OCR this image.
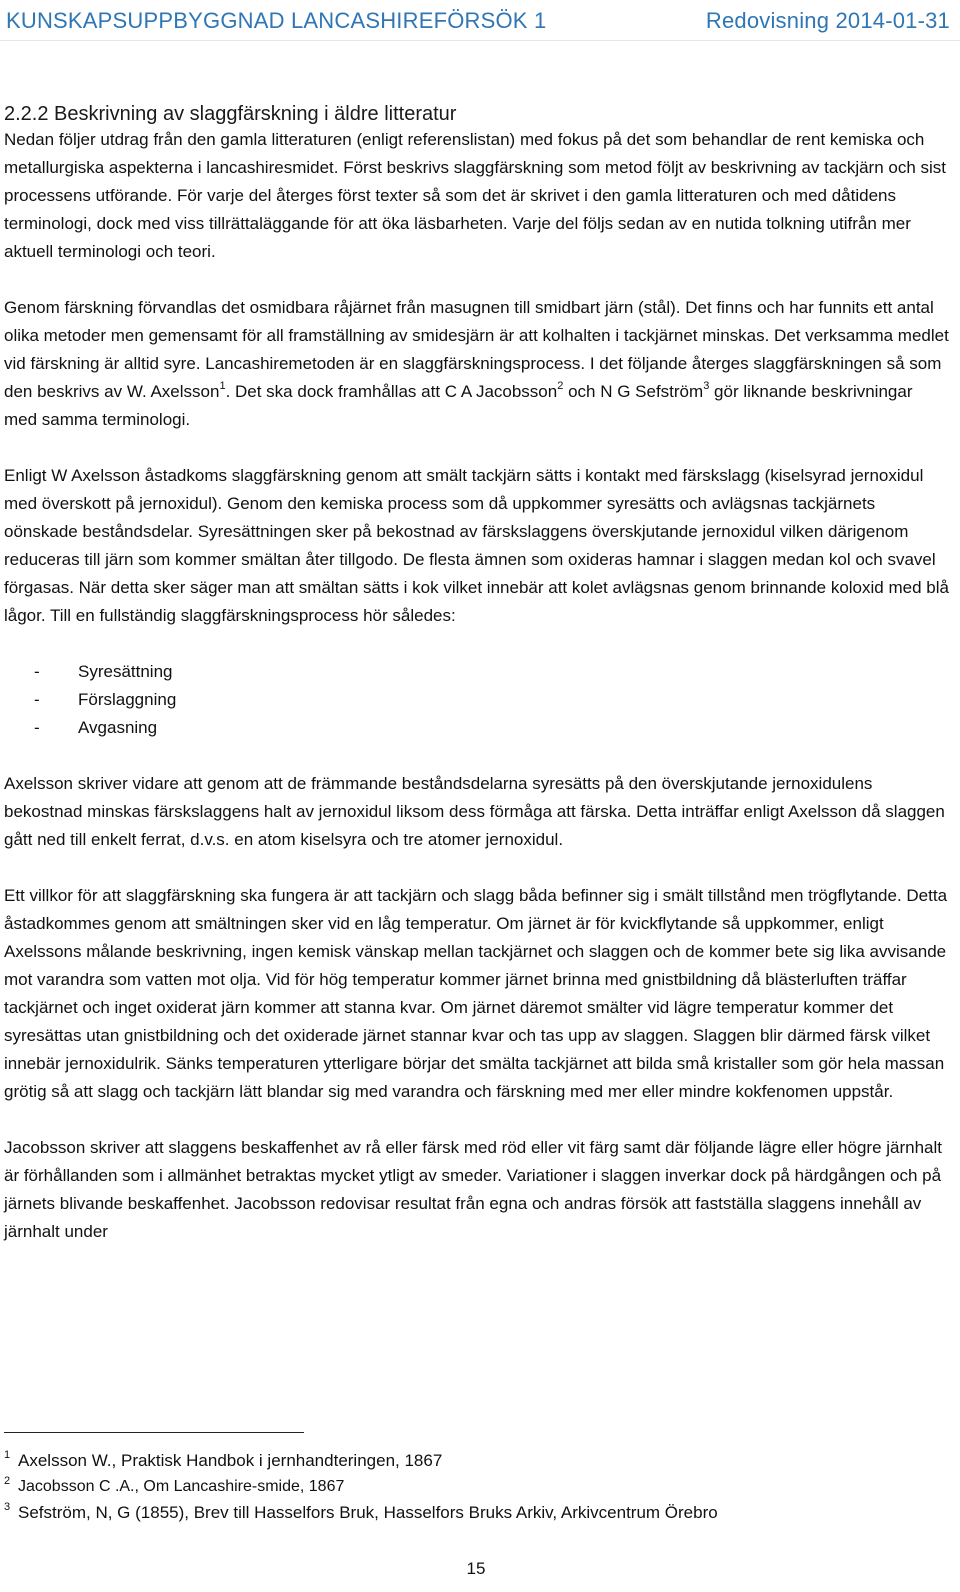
KUNSKAPSUPPBYGGNAD LANCASHIREFÖRSÖK 1	Redovisning 2014-01-31
2.2.2 Beskrivning av slaggfärskning i äldre litteratur

Nedan följer utdrag från den gamla litteraturen (enligt referenslistan) med fokus på det som behandlar de rent kemiska och metallurgiska aspekterna i lancashiresmidet. Först beskrivs slaggfärskning som metod följt av beskrivning av tackjärn och sist processens utförande. För varje del återges först texter så som det är skrivet i den gamla litteraturen och med dåtidens terminologi, dock med viss tillrättaläggande för att öka läsbarheten. Varje del följs sedan av en nutida tolkning utifrån mer aktuell terminologi och teori.

Genom färskning förvandlas det osmidbara råjärnet från masugnen till smidbart järn (stål). Det finns och har funnits ett antal olika metoder men gemensamt för all framställning av smidesjärn är att kolhalten i tackjärnet minskas. Det verksamma medlet vid färskning är alltid syre. Lancashiremetoden är en slaggfärskningsprocess. I det följande återges slaggfärskningen så som den beskrivs av W. Axelsson$^1$. Det ska dock framhållas att C A Jacobsson$^2$ och N G Sefström$^3$ gör liknande beskrivningar med samma terminologi.

Enligt W Axelsson åstadkoms slaggfärskning genom att smält tackjärn sätts i kontakt med färskslagg (kiselsyrad jernoxidul med överskott på jernoxidul). Genom den kemiska process som då uppkommer syresätts och avlägsnas tackjärnets oönskade beståndsdelar. Syresättningen sker på bekostnad av färskslaggens överskjutande jernoxidul vilken därigenom reduceras till järn som kommer smältan åter tillgodo. De flesta ämnen som oxideras hamnar i slaggen medan kol och svavel förgasas. När detta sker säger man att smältan sätts i kok vilket innebär att kolet avlägsnas genom brinnande koloxid med blå lågor. Till en fullständig slaggfärskningsprocess hör således:

-	Syresättning
-	Förslaggning
-	Avgasning

Axelsson skriver vidare att genom att de främmande beståndsdelarna syresätts på den överskjutande jernoxidulens bekostnad minskas färskslaggens halt av jernoxidul liksom dess förmåga att färska. Detta inträffar enligt Axelsson då slaggen gått ned till enkelt ferrat, d.v.s. en atom kiselsyra och tre atomer jernoxidul.

Ett villkor för att slaggfärskning ska fungera är att tackjärn och slagg båda befinner sig i smält tillstånd men trögflytande. Detta åstadkommes genom att smältningen sker vid en låg temperatur. Om järnet är för kvickflytande så uppkommer, enligt Axelssons målande beskrivning, ingen kemisk vänskap mellan tackjärnet och slaggen och de kommer bete sig lika avvisande mot varandra som vatten mot olja. Vid för hög temperatur kommer järnet brinna med gnistbildning då blästerluften träffar tackjärnet och inget oxiderat järn kommer att stanna kvar. Om järnet däremot smälter vid lägre temperatur kommer det syresättas utan gnistbildning och det oxiderade järnet stannar kvar och tas upp av slaggen. Slaggen blir därmed färsk vilket innebär jernoxidulrik. Sänks temperaturen ytterligare börjar det smälta tackjärnet att bilda små kristaller som gör hela massan grötig så att slagg och tackjärn lätt blandar sig med varandra och färskning med mer eller mindre kokfenomen uppstår.

Jacobsson skriver att slaggens beskaffenhet av rå eller färsk med röd eller vit färg samt där följande lägre eller högre järnhalt är förhållanden som i allmänhet betraktas mycket ytligt av smeder. Variationer i slaggen inverkar dock på härdgången och på järnets blivande beskaffenhet. Jacobsson redovisar resultat från egna och andras försök att fastställa slaggens innehåll av järnhalt under

1 Axelsson W., Praktisk Handbok i jernhandteringen, 1867
2 Jacobsson C .A., Om Lancashire-smide, 1867
3 Sefström, N, G (1855), Brev till Hasselfors Bruk, Hasselfors Bruks Arkiv, Arkivcentrum Örebro
15
